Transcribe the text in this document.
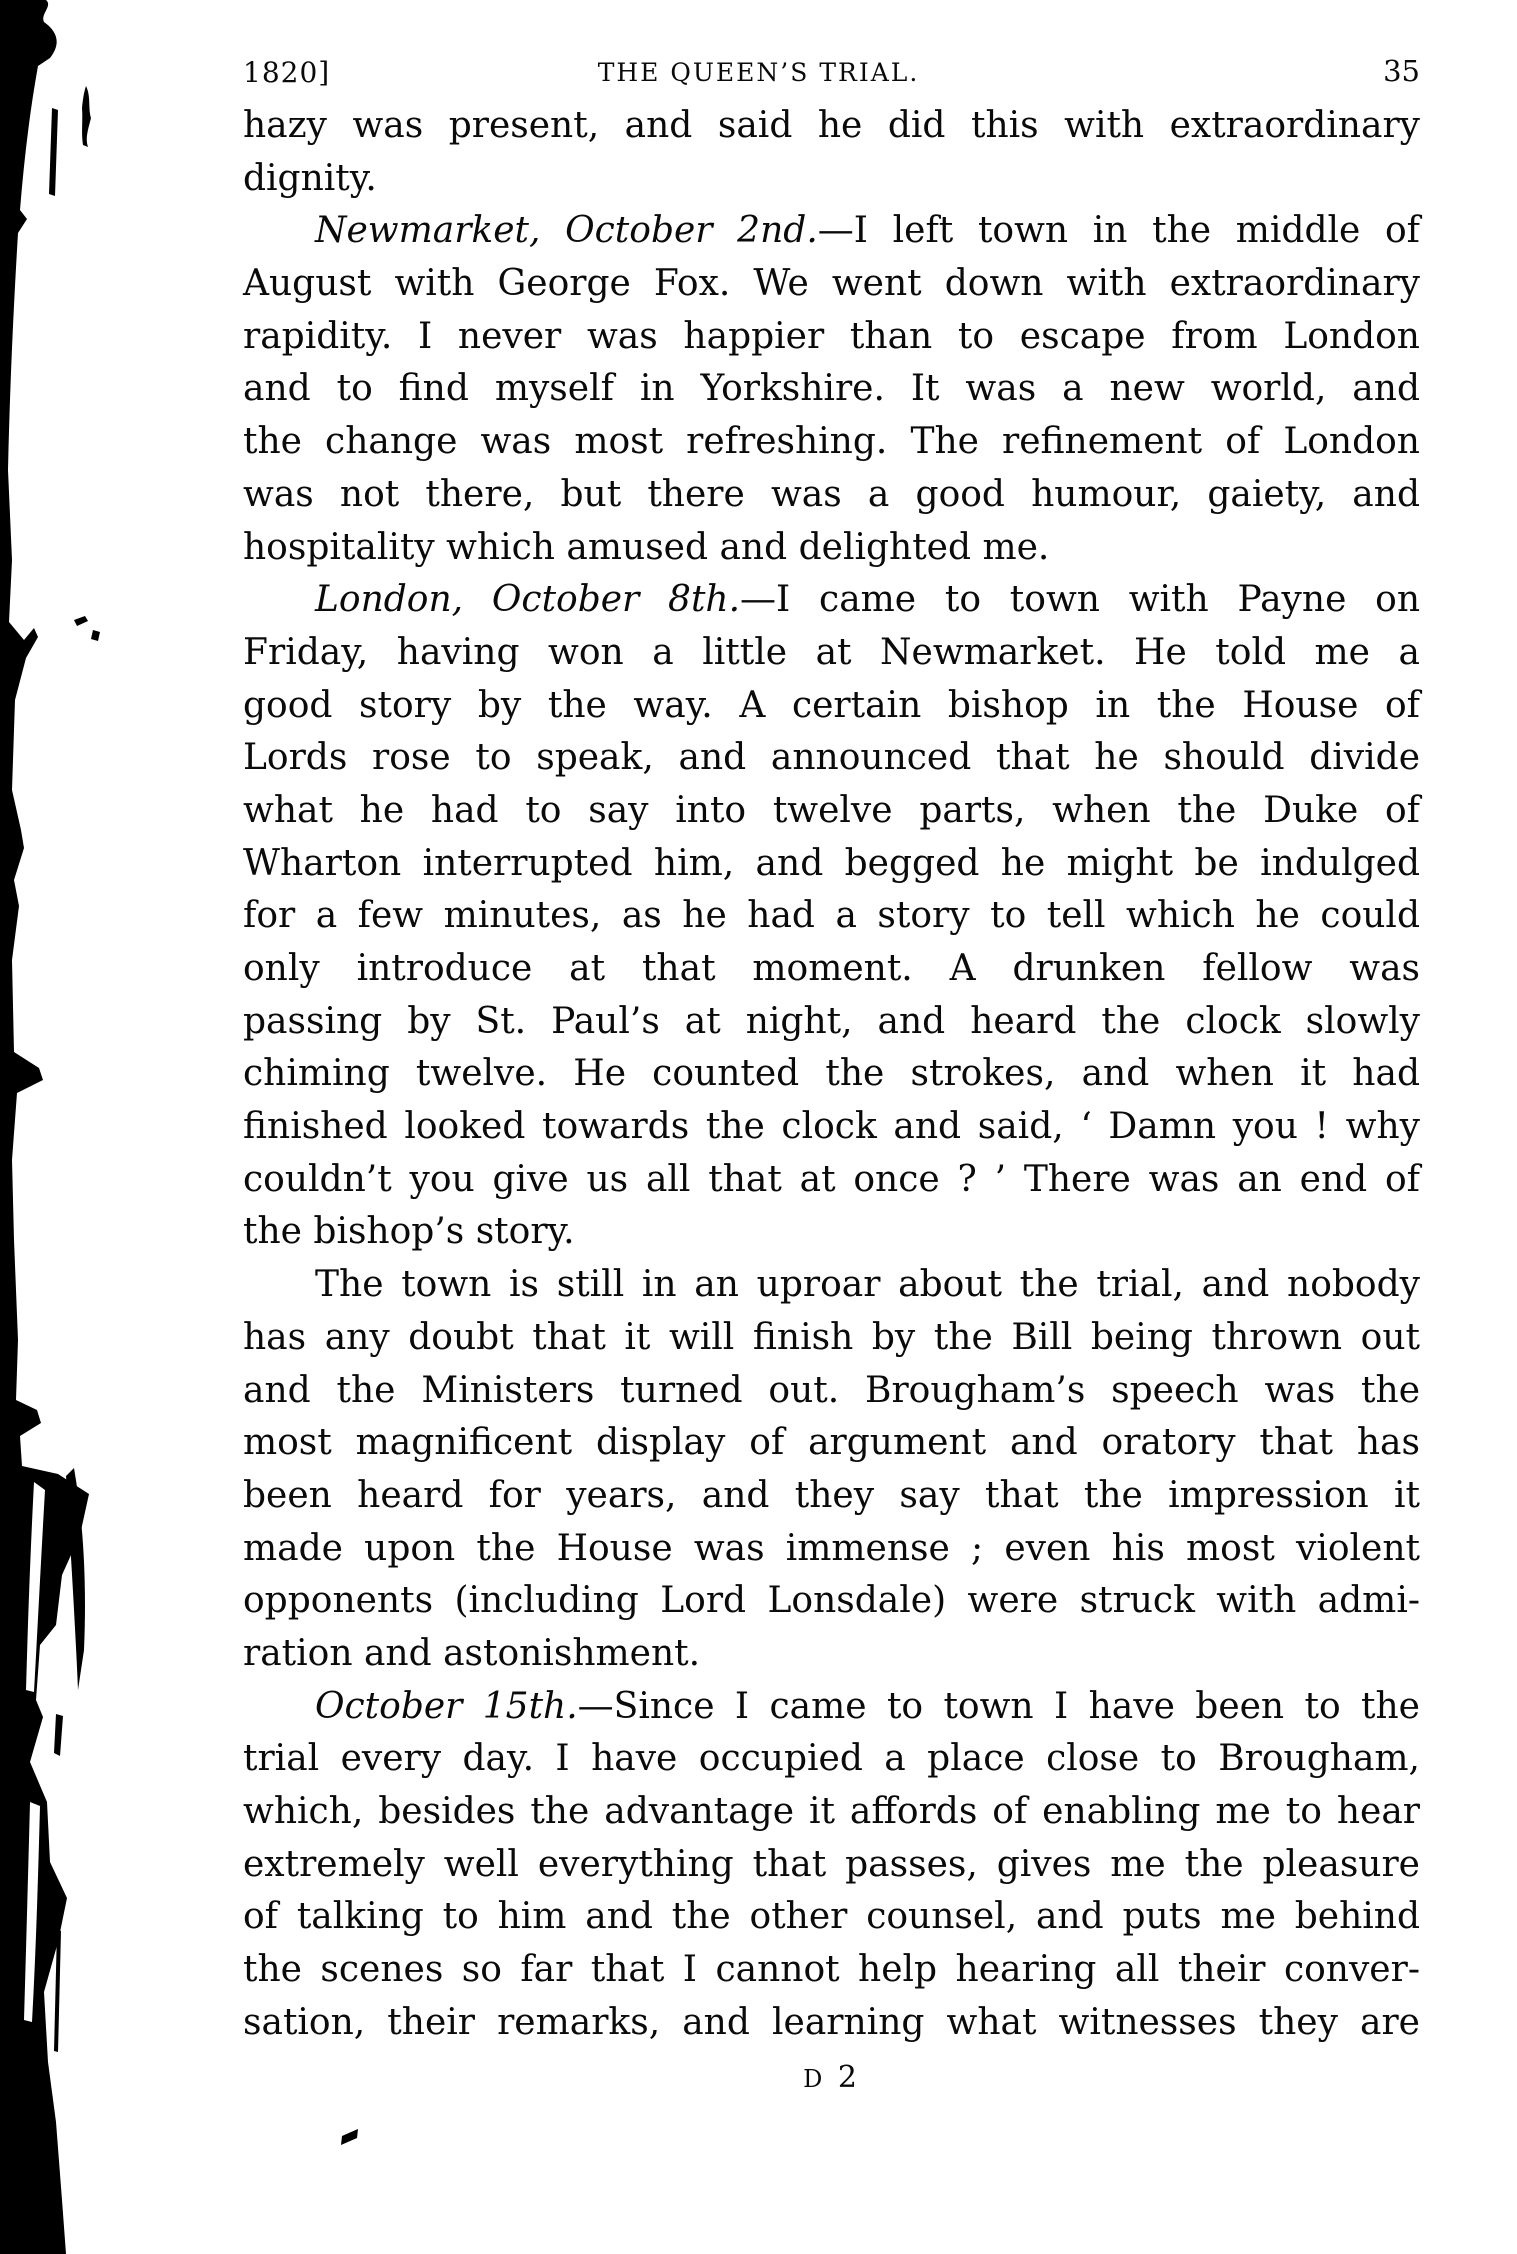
1820]	THE QUEEN’S TRIAL.	35
hazy was present, and said he did this with extraordinary
dignity.
Newmarket, October 2nd.—I left town in the middle of
August with George Fox. We went down with extraordinary
rapidity. I never was happier than to escape from London
and to find myself in Yorkshire. It was a new world, and
the change was most refreshing. The refinement of London
was not there, but there was a good humour, gaiety, and
hospitality which amused and delighted me.
London, October 8th.—I came to town with Payne on
Friday, having won a little at Newmarket. He told me a
good story by the way. A certain bishop in the House of
Lords rose to speak, and announced that he should divide
what he had to say into twelve parts, when the Duke of
Wharton interrupted him, and begged he might be indulged
for a few minutes, as he had a story to tell which he could
only introduce at that moment. A drunken fellow was
passing by St. Paul’s at night, and heard the clock slowly
chiming twelve. He counted the strokes, and when it had
finished looked towards the clock and said, ‘ Damn you ! why
couldn’t you give us all that at once ? ’ There was an end of
the bishop’s story.
The town is still in an uproar about the trial, and nobody
has any doubt that it will finish by the Bill being thrown out
and the Ministers turned out. Brougham’s speech was the
most magnificent display of argument and oratory that has
been heard for years, and they say that the impression it
made upon the House was immense ; even his most violent
opponents (including Lord Lonsdale) were struck with admi-
ration and astonishment.
October 15th.—Since I came to town I have been to the
trial every day. I have occupied a place close to Brougham,
which, besides the advantage it affords of enabling me to hear
extremely well everything that passes, gives me the pleasure
of talking to him and the other counsel, and puts me behind
the scenes so far that I cannot help hearing all their conver-
sation, their remarks, and learning what witnesses they are
D 2
